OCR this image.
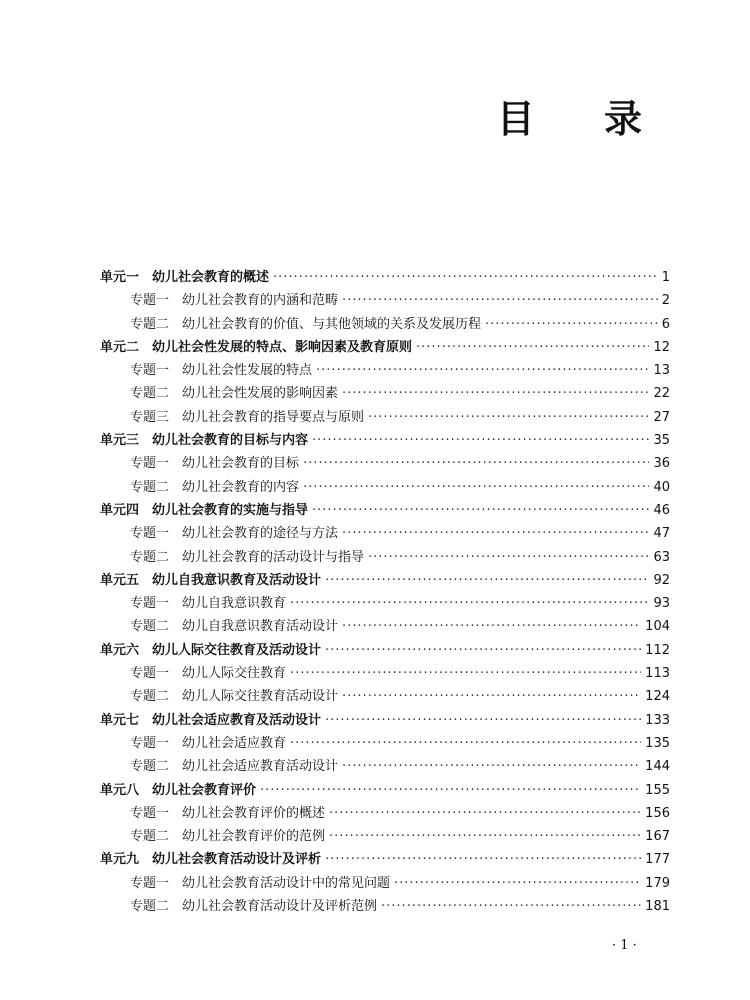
目 录
单元一 幼儿社会教育的概述 ·····	1
专题一 幼儿社会教育的内涵和范畴 ·····	2
专题二 幼儿社会教育的价值、与其他领域的关系及发展历程 ·····	6
单元二 幼儿社会性发展的特点、影响因素及教育原则 ·····	12
专题一 幼儿社会性发展的特点 ·····	13
专题二 幼儿社会性发展的影响因素 ·····	22
专题三 幼儿社会教育的指导要点与原则 ·····	27
单元三 幼儿社会教育的目标与内容 ·····	35
专题一 幼儿社会教育的目标 ·····	36
专题二 幼儿社会教育的内容 ·····	40
单元四 幼儿社会教育的实施与指导 ·····	46
专题一 幼儿社会教育的途径与方法 ·····	47
专题二 幼儿社会教育的活动设计与指导 ·····	63
单元五 幼儿自我意识教育及活动设计 ·····	92
专题一 幼儿自我意识教育 ·····	93
专题二 幼儿自我意识教育活动设计 ·····	104
单元六 幼儿人际交往教育及活动设计 ·····	112
专题一 幼儿人际交往教育 ·····	113
专题二 幼儿人际交往教育活动设计 ·····	124
单元七 幼儿社会适应教育及活动设计 ·····	133
专题一 幼儿社会适应教育 ·····	135
专题二 幼儿社会适应教育活动设计 ·····	144
单元八 幼儿社会教育评价 ·····	155
专题一 幼儿社会教育评价的概述 ·····	156
专题二 幼儿社会教育评价的范例 ·····	167
单元九 幼儿社会教育活动设计及评析 ·····	177
专题一 幼儿社会教育活动设计中的常见问题 ·····	179
专题二 幼儿社会教育活动设计及评析范例 ·····	181
· 1 ·
